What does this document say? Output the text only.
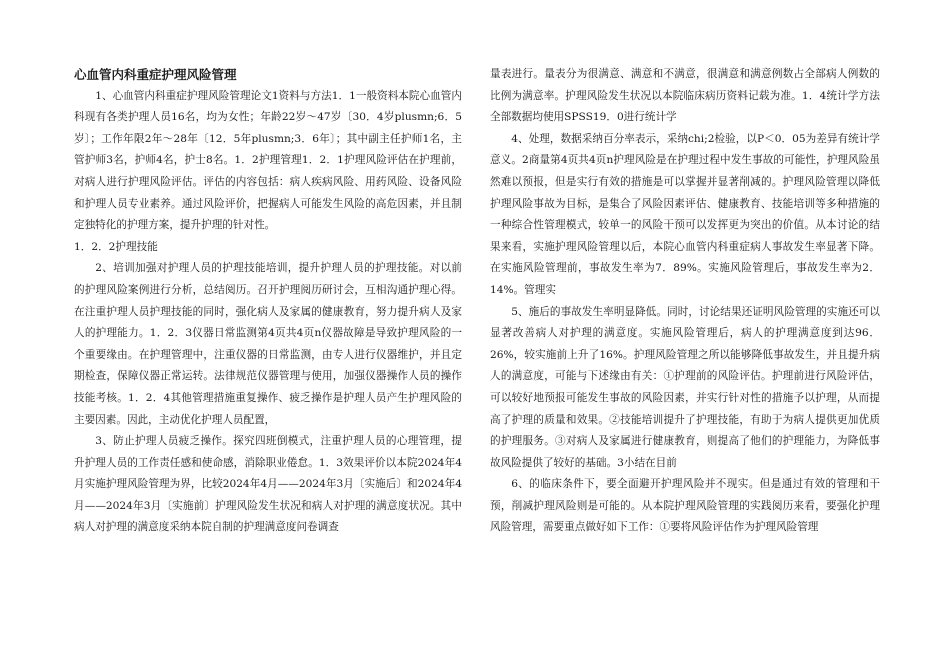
心血管内科重症护理风险管理

1、心血管内科重症护理风险管理论文1资料与方法1．1一般资料本院心血管内科现有各类护理人员16名，均为女性；年龄22岁～47岁〔30．4岁plusmn;6．5岁〕；工作年限2年～28年〔12．5年plusmn;3．6年〕；其中副主任护师1名，主管护师3名，护师4名，护士8名。1．2护理管理1．2．1护理风险评估在护理前，对病人进行护理风险评估。评估的内容包括：病人疾病风险、用药风险、设备风险和护理人员专业素养。通过风险评价，把握病人可能发生风险的高危因素，并且制定独特化的护理方案，提升护理的针对性。

1．2．2护理技能

2、培训加强对护理人员的护理技能培训，提升护理人员的护理技能。对以前的护理风险案例进行分析，总结阅历。召开护理阅历研讨会，互相沟通护理心得。在注重护理人员护理技能的同时，强化病人及家属的健康教育，努力提升病人及家人的护理能力。1．2．3仪器日常监测第4页共4页n仪器故障是导致护理风险的一个重要缘由。在护理管理中，注重仪器的日常监测，由专人进行仪器维护，并且定期检查，保障仪器正常运转。法律规范仪器管理与使用，加强仪器操作人员的操作技能考核。1．2．4其他管理措施重复操作、疲乏操作是护理人员产生护理风险的主要因素。因此，主动优化护理人员配置，

3、防止护理人员疲乏操作。探究四班倒模式，注重护理人员的心理管理，提升护理人员的工作责任感和使命感，消除职业倦怠。1．3效果评价以本院2024年4月实施护理风险管理为界，比较2024年4月——2024年3月〔实施后〕和2024年4月——2024年3月〔实施前〕护理风险发生状况和病人对护理的满意度状况。其中病人对护理的满意度采纳本院自制的护理满意度问卷调查

量表进行。量表分为很满意、满意和不满意，很满意和满意例数占全部病人例数的比例为满意率。护理风险发生状况以本院临床病历资料记载为准。1．4统计学方法全部数据均使用SPSS19．0进行统计学

4、处理，数据采纳百分率表示，采纳chi;2检验，以P＜0．05为差异有统计学意义。2商量第4页共4页n护理风险是在护理过程中发生事故的可能性，护理风险虽然难以预报，但是实行有效的措施是可以掌握并显著削减的。护理风险管理以降低护理风险事故为目标，是集合了风险因素评估、健康教育、技能培训等多种措施的一种综合性管理模式，较单一的风险干预可以发挥更为突出的价值。从本讨论的结果来看，实施护理风险管理以后，本院心血管内科重症病人事故发生率显著下降。在实施风险管理前，事故发生率为7．89%。实施风险管理后，事故发生率为2．14%。管理实

5、施后的事故发生率明显降低。同时，讨论结果还证明风险管理的实施还可以显著改善病人对护理的满意度。实施风险管理后，病人的护理满意度到达96．26%，较实施前上升了16%。护理风险管理之所以能够降低事故发生，并且提升病人的满意度，可能与下述缘由有关：①护理前的风险评估。护理前进行风险评估，可以较好地预报可能发生事故的风险因素，并实行针对性的措施予以护理，从而提高了护理的质量和效果。②技能培训提升了护理技能，有助于为病人提供更加优质的护理服务。③对病人及家属进行健康教育，则提高了他们的护理能力，为降低事故风险提供了较好的基础。3小结在目前

6、的临床条件下，要全面避开护理风险并不现实。但是通过有效的管理和干预，削减护理风险则是可能的。从本院护理风险管理的实践阅历来看，要强化护理风险管理，需要重点做好如下工作：①要将风险评估作为护理风险管理
